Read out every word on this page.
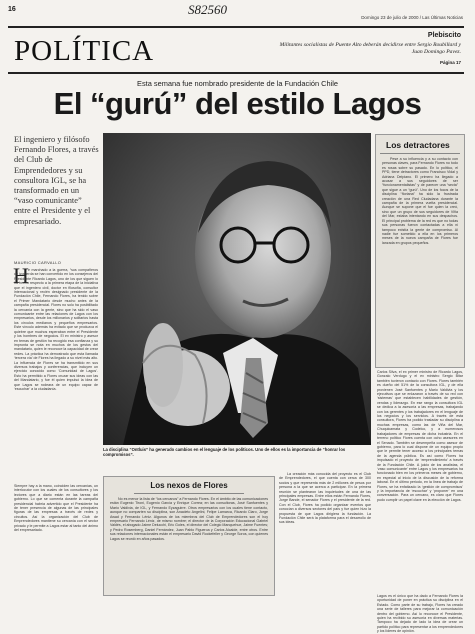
16	S82560
Domingo 23 de julio de 2000 / Las Últimas Noticias
POLÍTICA	Plebiscito
Militantes socialistas de Puente Alto deberán decidirse entre Sergio Roubillard y Juan Domingo Pavez.
Página 17
Esta semana fue nombrado presidente de la Fundación Chile
El “gurú” del estilo Lagos
El ingeniero y filósofo Fernando Flores, a través del Club de Emprendedores y su consultora IGL, se ha transformado en un “vaso comunicante” entre el Presidente y el empresariado.
MAURICIO CARVALLO
H e marchado a la guerra, “sus compañeros de izquierda se han convertido en los consejeros del Presidente Ricardo Lagos, uno de los que siguen lo ha hecho respecto a la primera etapa de la iniciativa que el ingeniero civil, doctor en filosofía, consultor internacional y recién designado presidente de la Fundación Chile, Fernando Flores, ha tenido sobre el Primer Mandatario desde mucho antes de la campaña presidencial. Flores no solo ha posibilitado la cercanía con la gente, sino que ha sido el vaso comunicante entre las relaciones de Lagos con los empresarios, desde los millonarios y solitarios hasta los círculos medianos y pequeños empresarios. Este vínculo además ha evitado que se produzca el quiebre que muchos esperaban entre el Presidente y los hombres de negocios. El ex ministro y asesor en temas de gestión ha recogido esa confianza y su impronta se nota en muchos de los gestos del mandatario, quien le reconoce la capacidad de crear redes. La práctica ha demostrado que esta llamada ‘tercera vía’ de Flores ha llegado a su nivel más alto. La influencia de Flores se ha transmitido en sus diversos trabajos y conferencias, que incluyen un ejercicio conocido como ‘Comunidad de Lagos’. Esto ha permitido a Flores cruzar sus ideas con las del Mandatario, y fue él quien impulsó la idea de que Lagos se rodeara de un equipo capaz de ‘escuchar’ a la ciudadanía.
Siempre hay a la mano, coinciden las cercanías, un interlocutor con los cuales de los consultores y los lectores que a diario están en las tareas del gobierno. Lo que se comenta durante la campaña presidencial habría advertido que el Presidente ha de tener presencia de algunas de las principales figuras de las empresas a través de redes y circuitos. Así la organización del Club de Emprendedores mantiene su cercanía con el sector privado y le permite a Lagos estar al tanto del ánimo del empresariado.
La disciplina “Ontluis” ha generado cambios en el lenguaje de los políticos. Uno de ellos es la importancia de “honrar los compromisos”.
Los detractores
Pese a su influencia y a su contacto con personas claves, para Fernando Flores no todo es rosas sobre su pasado. En lo político, el PPD, tiene detractores como Francisco Vidal y Adriana Delpiano. El primero ha llegado a acusar a sus seguidores de ser “funcionamentalistas” y de parecer una “secta” que sigue a un “gurú”. Uno de los focos de la disciplina “floriana” ha sido la frustrada creación de una Red Ciudadana durante la campaña de la primera vuelta presidencial. Aunque se supone que el fue quien la creó, sino que un grupo de sus seguidores de Viña del Mar, estaba intentando en sus despachos. El principal problema de la red es que no todas sus personas fueron contactadas a ella ni tampoco existía la gente de compromiso. Al nadie fue sometido a ella en los primeros meses de la nueva campaña de Flores fue lanzada en grupos pequeños.
Carlos Silva, el ex primer ministro de Ricardo Lagos, Gonzalo Verdugo y el ex ministro Sergio Bitar también tuvieron contacto con Flores. Flores también es dueño del 51% de la consultora IGL, y de ella provienen José Sanfuentes y Mario Valdivia y los ejecutivos que se enlazaron a través de su red con ‘sistemas’ que establecen habilidades de gestión, vendas y liderazgo. En ese rango la consultora IGL se dedica a la asesoría a las empresas, trabajando con los gerentes y los trabajadores en el lenguaje de los negocios y los servicios. A través de esta consultora, Flores ha podido trasladar su disciplina a muchas empresas, como las de Viña del Mar, Chuquicamata y Codelco, y a numerosos trabajadores de empresas de dicha industria. En el terreno político Flores cuenta con ocho asesores en el Senado. También se desempeña como asesor de gobierno, para lo cual dispone de un equipo propio que le permite tener acceso a los principales temas de la agenda pública. Es así como Flores ha impulsado el proyecto de ‘emprendimiento’ a través de la Fundación Chile. A juicio de los analistas, el ‘vaso comunicante’ entre Lagos y los empresarios ha funcionado bien en los primeros meses de gobierno, en especial al inicio de la discusión de la reforma laboral. En el último periodo, en la línea de trabajo de Flores, se ha enfatizado la ‘gestión de compromisos’ y la importancia de ‘escuchar’ y ‘proponer’ en una conversación. Para un cercano, es claro que Flores pudo cumplir un papel clave en la elección de Lagos.
Los nexos de Flores
No es menor la lista de “los cercanos” a Fernando Flores. En el ámbito de las comunicaciones están Eugenio Tironi, Eugenio García y Enrique Correa; en las consultoras, José Sanfuentes y Mario Valdivia, de IGL, y Fernando Eyzaguirre. Otros empresarios con los cuales tiene contacto, aunque no comparten su disciplina, son Anacleto Angelini, Felipe Lamarca, Ricardo Claro, Jorge Awad y Fernando Léniz. Algunos de los miembros del Club de Emprendedores son el hoy empresario Fernando Léniz, de mismo nombre; el director de la Corporación Educacional Gabriel Valdés, el abogado Jaime Delucchi, Eric Goles, el director del Colegio Manquehue, Jaime Fuentes; y Pedro Rosemberg, Daniel Fernández, Juan Pablo Figueroa y Carlos Alcaide, entre otros. Entre sus relaciones internacionales están el empresario David Rockefeller y George Soros, con quienes Lagos se reunió en años pasados.
La creación más conocida del proyecto es el Club de Emprendedores, el que cuenta con cerca de 300 socios y que representa más de 2 millones de pesos por persona a la que se acerca a participar. En la primera reunión se plantearon las inquietudes de una de las principales empresas. Entre ellos están Fernando Flores, Jorge Bande, el senador Flores y el presidente de la red. Con el Club, Flores ha podido organizar eventos que conocían a diversos sectores del país y fue quien hizo la propuesta de que Lagos dirigiera la fundación. La Fundación Chile será la plataforma para el desarrollo de sus ideas.
Lagos es el único que ha dado a Fernando Flores la oportunidad de poner en práctica su disciplina en el Estado. Como parte de su trabajo, Flores ha creado una serie de talleres para mejorar la comunicación dentro del gobierno. Así lo reconoce el Presidente, quien ha recibido su asesoría en diversas materias. Tampoco ha dejado de lado la idea de crear un partido político para representar a los emprendedores y los líderes de opinión.
